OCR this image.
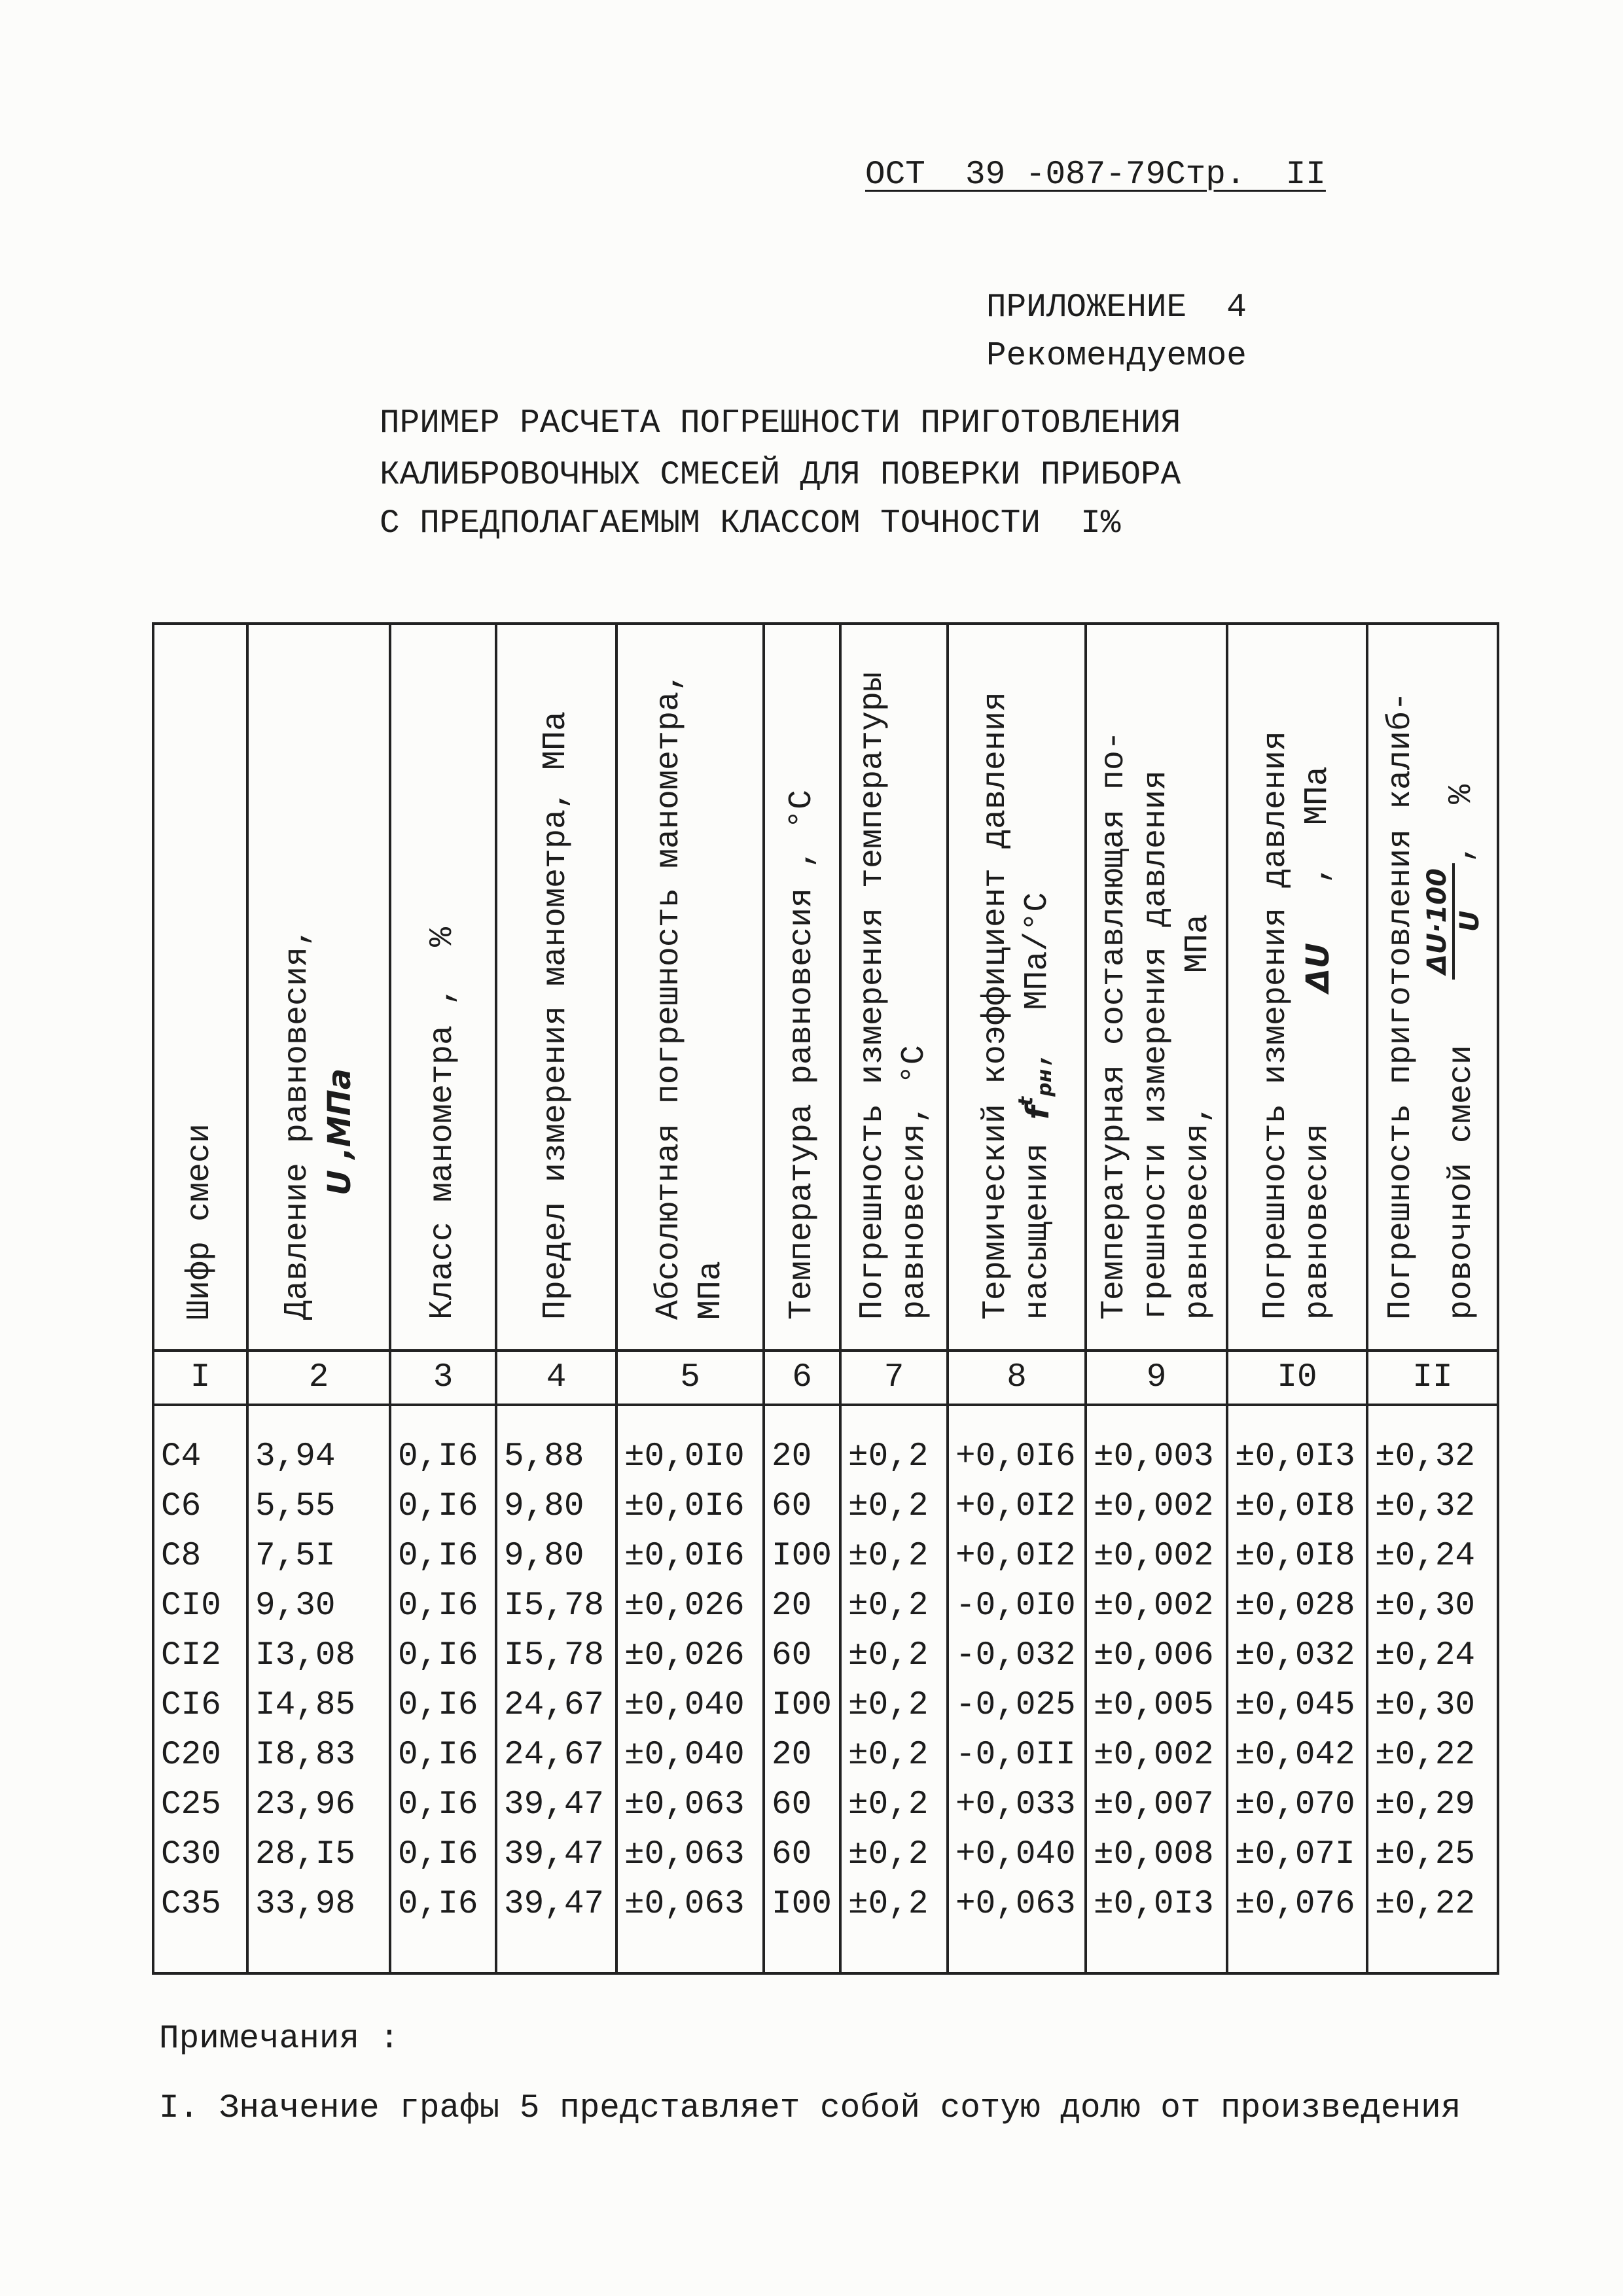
ОСТ  39 -087-79Стр.  II
ПРИЛОЖЕНИЕ  4
Рекомендуемое
ПРИМЕР РАСЧЕТА ПОГРЕШНОСТИ ПРИГОТОВЛЕНИЯ
КАЛИБРОВОЧНЫХ СМЕСЕЙ ДЛЯ ПОВЕРКИ ПРИБОРА
С ПРЕДПОЛАГАЕМЫМ КЛАССОМ ТОЧНОСТИ  I%
Шифр смеси	Давление равновесия, U ,МПа	Класс манометра ,  %	Предел измерения манометра, МПа	Абсолютная погрешность манометра, МПа	Температура равновесия , °С	Погрешность измерения температуры равновесия, °С	Термический коэффициент давления насыщенияf$^t_{рн}$,  МПа/°С	Температурная составляющая по- грешности измерения давления равновесия,МПа	Погрешность измерения давления равновесияΔU,  МПа	Погрешность приготовления калиб- ровочной смеси
ΔU·100 U
,  %

I	2	3	4	5	6	7	8	9	I0	II
С4	3,94	0,I6	5,88	±0,0I0	20	±0,2	+0,0I6	±0,003	±0,0I3	±0,32
С6	5,55	0,I6	9,80	±0,0I6	60	±0,2	+0,0I2	±0,002	±0,0I8	±0,32
С8	7,5I	0,I6	9,80	±0,0I6	I00	±0,2	+0,0I2	±0,002	±0,0I8	±0,24
СI0	9,30	0,I6	I5,78	±0,026	20	±0,2	-0,0I0	±0,002	±0,028	±0,30
СI2	I3,08	0,I6	I5,78	±0,026	60	±0,2	-0,032	±0,006	±0,032	±0,24
СI6	I4,85	0,I6	24,67	±0,040	I00	±0,2	-0,025	±0,005	±0,045	±0,30
С20	I8,83	0,I6	24,67	±0,040	20	±0,2	-0,0II	±0,002	±0,042	±0,22
С25	23,96	0,I6	39,47	±0,063	60	±0,2	+0,033	±0,007	±0,070	±0,29
С30	28,I5	0,I6	39,47	±0,063	60	±0,2	+0,040	±0,008	±0,07I	±0,25
С35	33,98	0,I6	39,47	±0,063	I00	±0,2	+0,063	±0,0I3	±0,076	±0,22
Примечания :
I. Значение графы 5 представляет собой сотую долю от произведения
